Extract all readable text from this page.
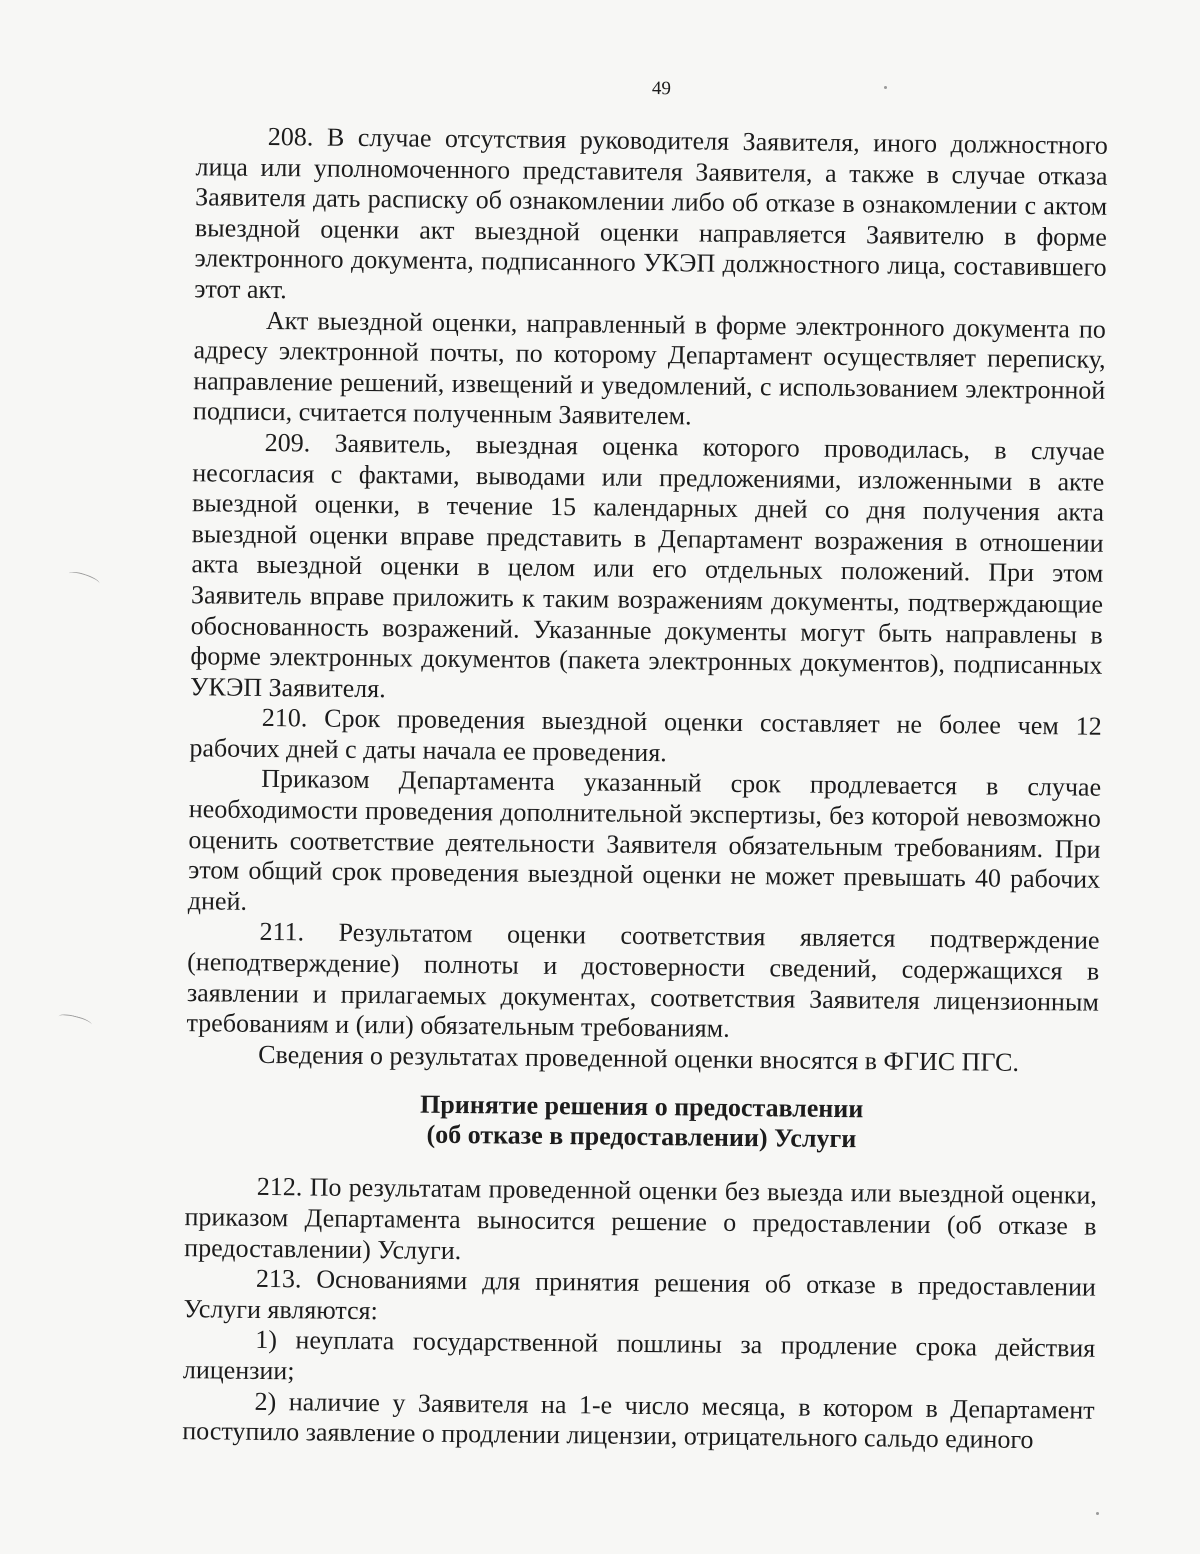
49

208. В случае отсутствия руководителя Заявителя, иного должностного лица или уполномоченного представителя Заявителя, а также в случае отказа Заявителя дать расписку об ознакомлении либо об отказе в ознакомлении с актом выездной оценки акт выездной оценки направляется Заявителю в форме электронного документа, подписанного УКЭП должностного лица, составившего этот акт.

Акт выездной оценки, направленный в форме электронного документа по адресу электронной почты, по которому Департамент осуществляет переписку, направление решений, извещений и уведомлений, с использованием электронной подписи, считается полученным Заявителем.

209. Заявитель, выездная оценка которого проводилась, в случае несогласия с фактами, выводами или предложениями, изложенными в акте выездной оценки, в течение 15 календарных дней со дня получения акта выездной оценки вправе представить в Департамент возражения в отношении акта выездной оценки в целом или его отдельных положений. При этом Заявитель вправе приложить к таким возражениям документы, подтверждающие обоснованность возражений. Указанные документы могут быть направлены в форме электронных документов (пакета электронных документов), подписанных УКЭП Заявителя.

210. Срок проведения выездной оценки составляет не более чем 12 рабочих дней с даты начала ее проведения.

Приказом Департамента указанный срок продлевается в случае необходимости проведения дополнительной экспертизы, без которой невозможно оценить соответствие деятельности Заявителя обязательным требованиям. При этом общий срок проведения выездной оценки не может превышать 40 рабочих дней.

211. Результатом оценки соответствия является подтверждение (неподтверждение) полноты и достоверности сведений, содержащихся в заявлении и прилагаемых документах, соответствия Заявителя лицензионным требованиям и (или) обязательным требованиям.

Сведения о результатах проведенной оценки вносятся в ФГИС ПГС.

Принятие решения о предоставлении
(об отказе в предоставлении) Услуги

212. По результатам проведенной оценки без выезда или выездной оценки, приказом Департамента выносится решение о предоставлении (об отказе в предоставлении) Услуги.

213. Основаниями для принятия решения об отказе в предоставлении Услуги являются:

1) неуплата государственной пошлины за продление срока действия лицензии;

2) наличие у Заявителя на 1-е число месяца, в котором в Департамент поступило заявление о продлении лицензии, отрицательного сальдо единого
